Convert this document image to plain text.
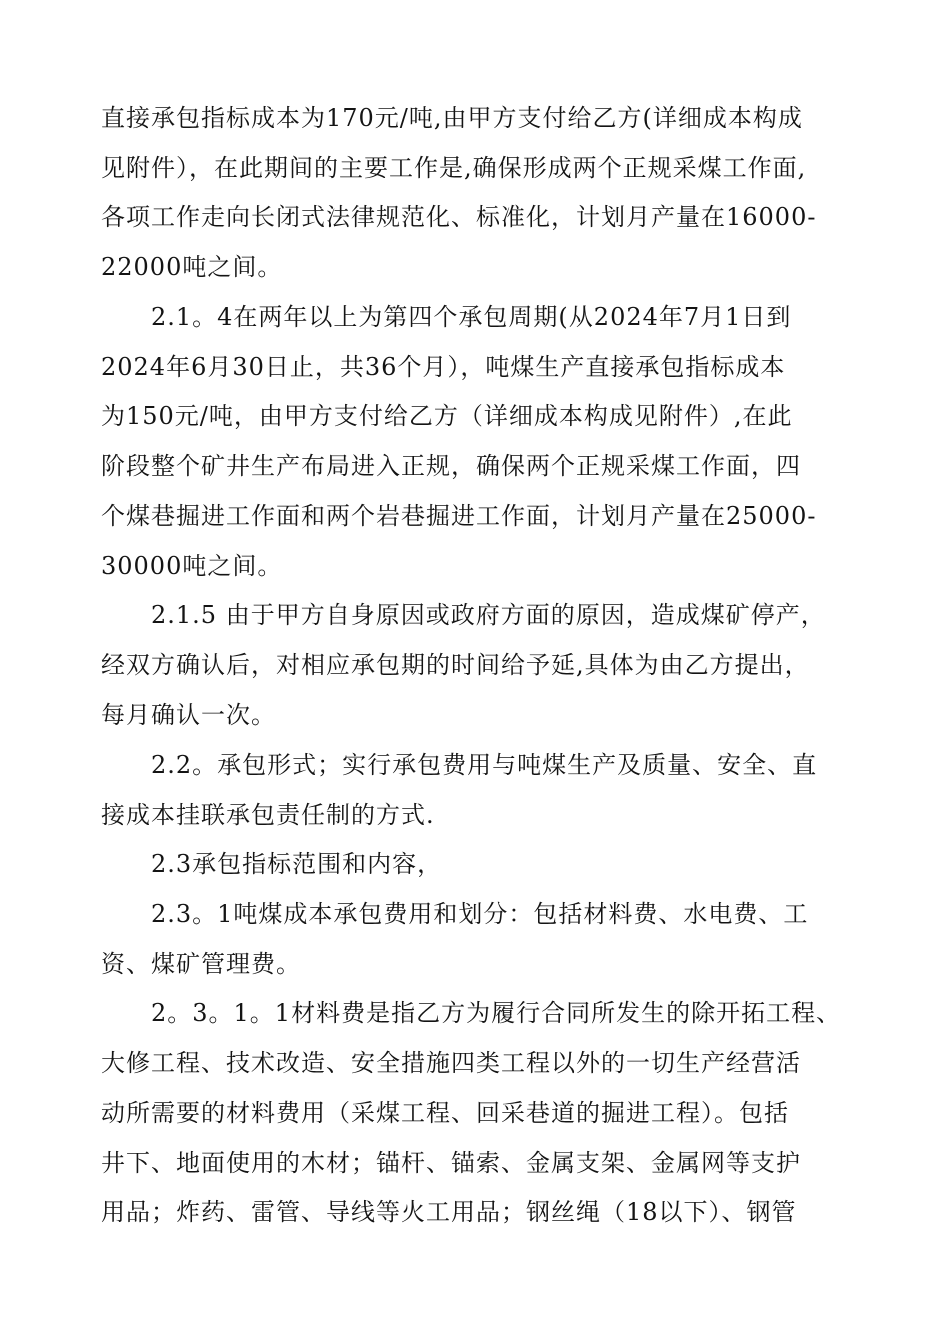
直接承包指标成本为170元/吨,由甲方支付给乙方(详细成本构成
见附件），在此期间的主要工作是,确保形成两个正规采煤工作面,
各项工作走向长闭式法律规范化、标准化，计划月产量在16000-
22000吨之间。
2.1。4在两年以上为第四个承包周期(从2024年7月1日到
2024年6月30日止，共36个月），吨煤生产直接承包指标成本
为150元/吨，由甲方支付给乙方（详细成本构成见附件）,在此
阶段整个矿井生产布局进入正规，确保两个正规采煤工作面，四
个煤巷掘进工作面和两个岩巷掘进工作面，计划月产量在25000-
30000吨之间。
2.1.5 由于甲方自身原因或政府方面的原因，造成煤矿停产，
经双方确认后，对相应承包期的时间给予延,具体为由乙方提出，
每月确认一次。
2.2。承包形式；实行承包费用与吨煤生产及质量、安全、直
接成本挂联承包责任制的方式.
2.3承包指标范围和内容，
2.3。1吨煤成本承包费用和划分：包括材料费、水电费、工
资、煤矿管理费。
2。3。1。1材料费是指乙方为履行合同所发生的除开拓工程、
大修工程、技术改造、安全措施四类工程以外的一切生产经营活
动所需要的材料费用（采煤工程、回采巷道的掘进工程）。包括
井下、地面使用的木材；锚杆、锚索、金属支架、金属网等支护
用品；炸药、雷管、导线等火工用品；钢丝绳（18以下）、钢管
